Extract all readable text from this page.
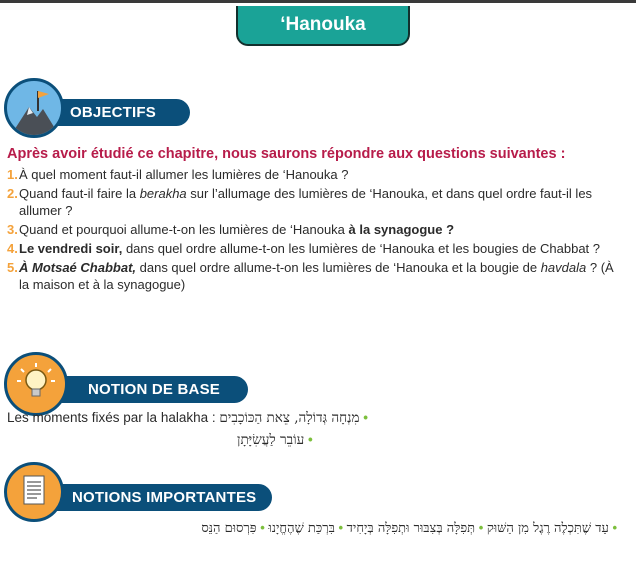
‘Hanouka
OBJECTIFS
Après avoir étudié ce chapitre, nous saurons répondre aux questions suivantes :
1. À quel moment faut-il allumer les lumières de ‘Hanouka ?
2. Quand faut-il faire la berakha sur l’allumage des lumières de ‘Hanouka, et dans quel ordre faut-il les allumer ?
3. Quand et pourquoi allume-t-on les lumières de ‘Hanouka à la synagogue ?
4. Le vendredi soir, dans quel ordre allume-t-on les lumières de ‘Hanouka et les bougies de Chabbat ?
5. À Motsaé Chabbat, dans quel ordre allume-t-on les lumières de ‘Hanouka et la bougie de havdala ? (À la maison et à la synagogue)
NOTION DE BASE
Les moments fixés par la halakha : מִנְחָה גְּדוֹלָה, צֵאת הַכּוֹכָבִים •
עוֹבֵר לַעֲשִׂיָּתָן •
NOTIONS IMPORTANTES
• עַד שֶׁתִּכְלֶה רֶגֶל מִן הַשּׁוּק • תְּפִלָּה בְּצִבּוּר וּתְפִלָּה בְּיָחִיד • בִּרְכַּת שֶׁהֶחֱיָנוּ • פִּרְסוּם הַנֵּס
